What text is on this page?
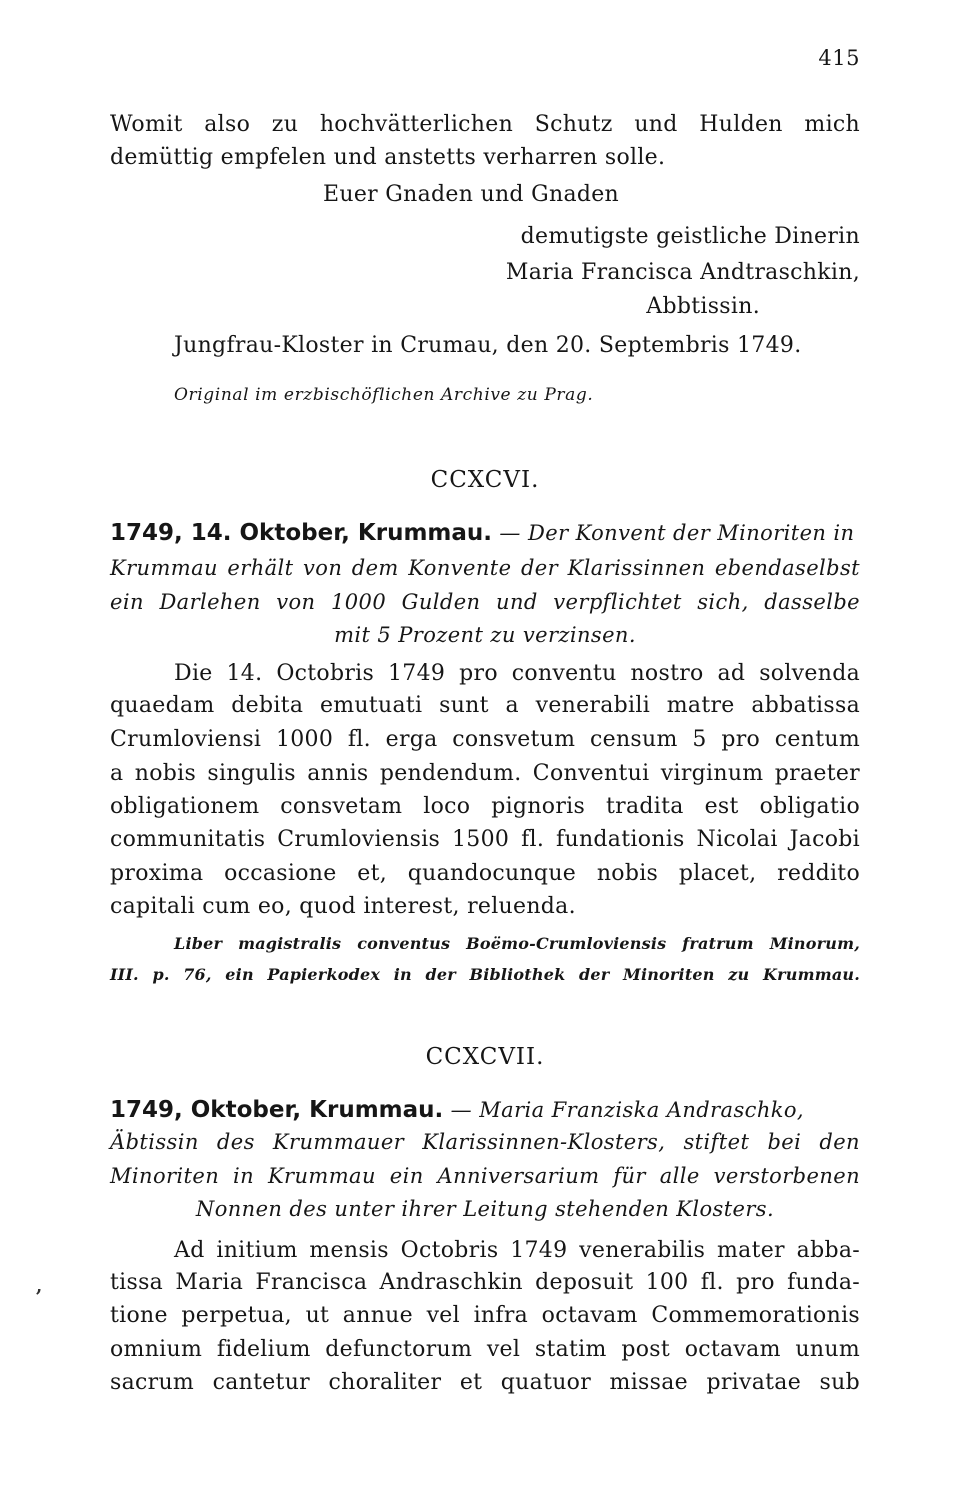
,
415
Womit also zu hochvätterlichen Schutz und Hulden mich
demüttig empfelen und anstetts verharren solle.
Euer Gnaden und Gnaden
demutigste geistliche Dinerin
Maria Francisca Andtraschkin,
Abbtissin.
Jungfrau-Kloster in Crumau, den 20. Septembris 1749.
Original im erzbischöflichen Archive zu Prag.
CCXCVI.
1749, 14. Oktober, Krummau. — Der Konvent der Minoriten in
Krummau erhält von dem Konvente der Klarissinnen ebendaselbst
ein Darlehen von 1000 Gulden und verpflichtet sich, dasselbe
mit 5 Prozent zu verzinsen.
Die 14. Octobris 1749 pro conventu nostro ad solvenda
quaedam debita emutuati sunt a venerabili matre abbatissa
Crumloviensi 1000 fl. erga consvetum censum 5 pro centum
a nobis singulis annis pendendum. Conventui virginum praeter
obligationem consvetam loco pignoris tradita est obligatio
communitatis Crumloviensis 1500 fl. fundationis Nicolai Jacobi
proxima occasione et, quandocunque nobis placet, reddito
capitali cum eo, quod interest, reluenda.
Liber magistralis conventus Boëmo-Crumloviensis fratrum Minorum,
III. p. 76, ein Papierkodex in der Bibliothek der Minoriten zu Krummau.
CCXCVII.
1749, Oktober, Krummau. — Maria Franziska Andraschko,
Äbtissin des Krummauer Klarissinnen-Klosters, stiftet bei den
Minoriten in Krummau ein Anniversarium für alle verstorbenen
Nonnen des unter ihrer Leitung stehenden Klosters.
Ad initium mensis Octobris 1749 venerabilis mater abba-
tissa Maria Francisca Andraschkin deposuit 100 fl. pro funda-
tione perpetua, ut annue vel infra octavam Commemorationis
omnium fidelium defunctorum vel statim post octavam unum
sacrum cantetur choraliter et quatuor missae privatae sub
